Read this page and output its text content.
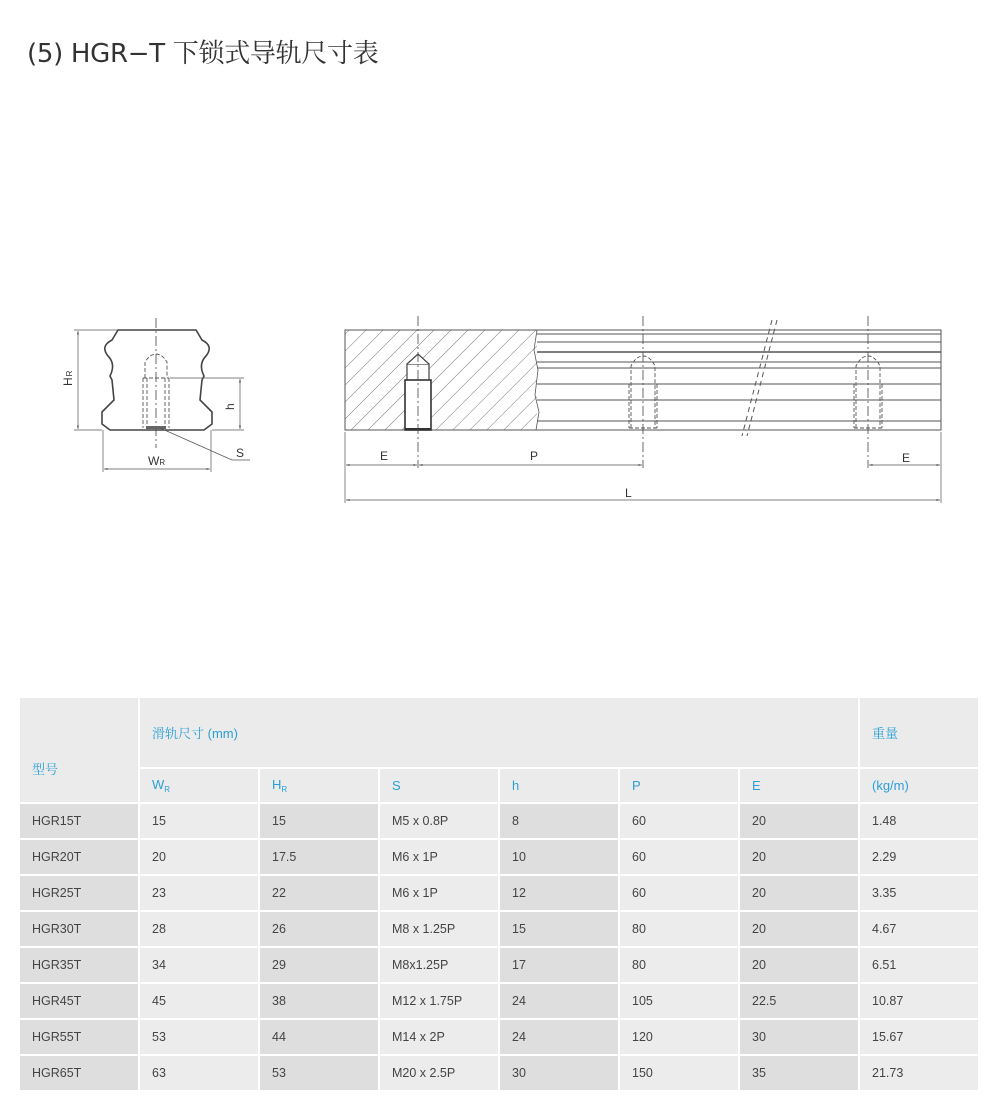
(5) HGR−T 下锁式导轨尺寸表
HR
h
WR
S	E	P	E
L
型号	滑轨尺寸 (mm)						重量
	$W_R$	$H_R$	S	h	P	E	(kg/m)
HGR15T	15	15	M5 x 0.8P	8	60	20	1.48
HGR20T	20	17.5	M6 x 1P	10	60	20	2.29
HGR25T	23	22	M6 x 1P	12	60	20	3.35
HGR30T	28	26	M8 x 1.25P	15	80	20	4.67
HGR35T	34	29	M8x1.25P	17	80	20	6.51
HGR45T	45	38	M12 x 1.75P	24	105	22.5	10.87
HGR55T	53	44	M14 x 2P	24	120	30	15.67
HGR65T	63	53	M20 x 2.5P	30	150	35	21.73
